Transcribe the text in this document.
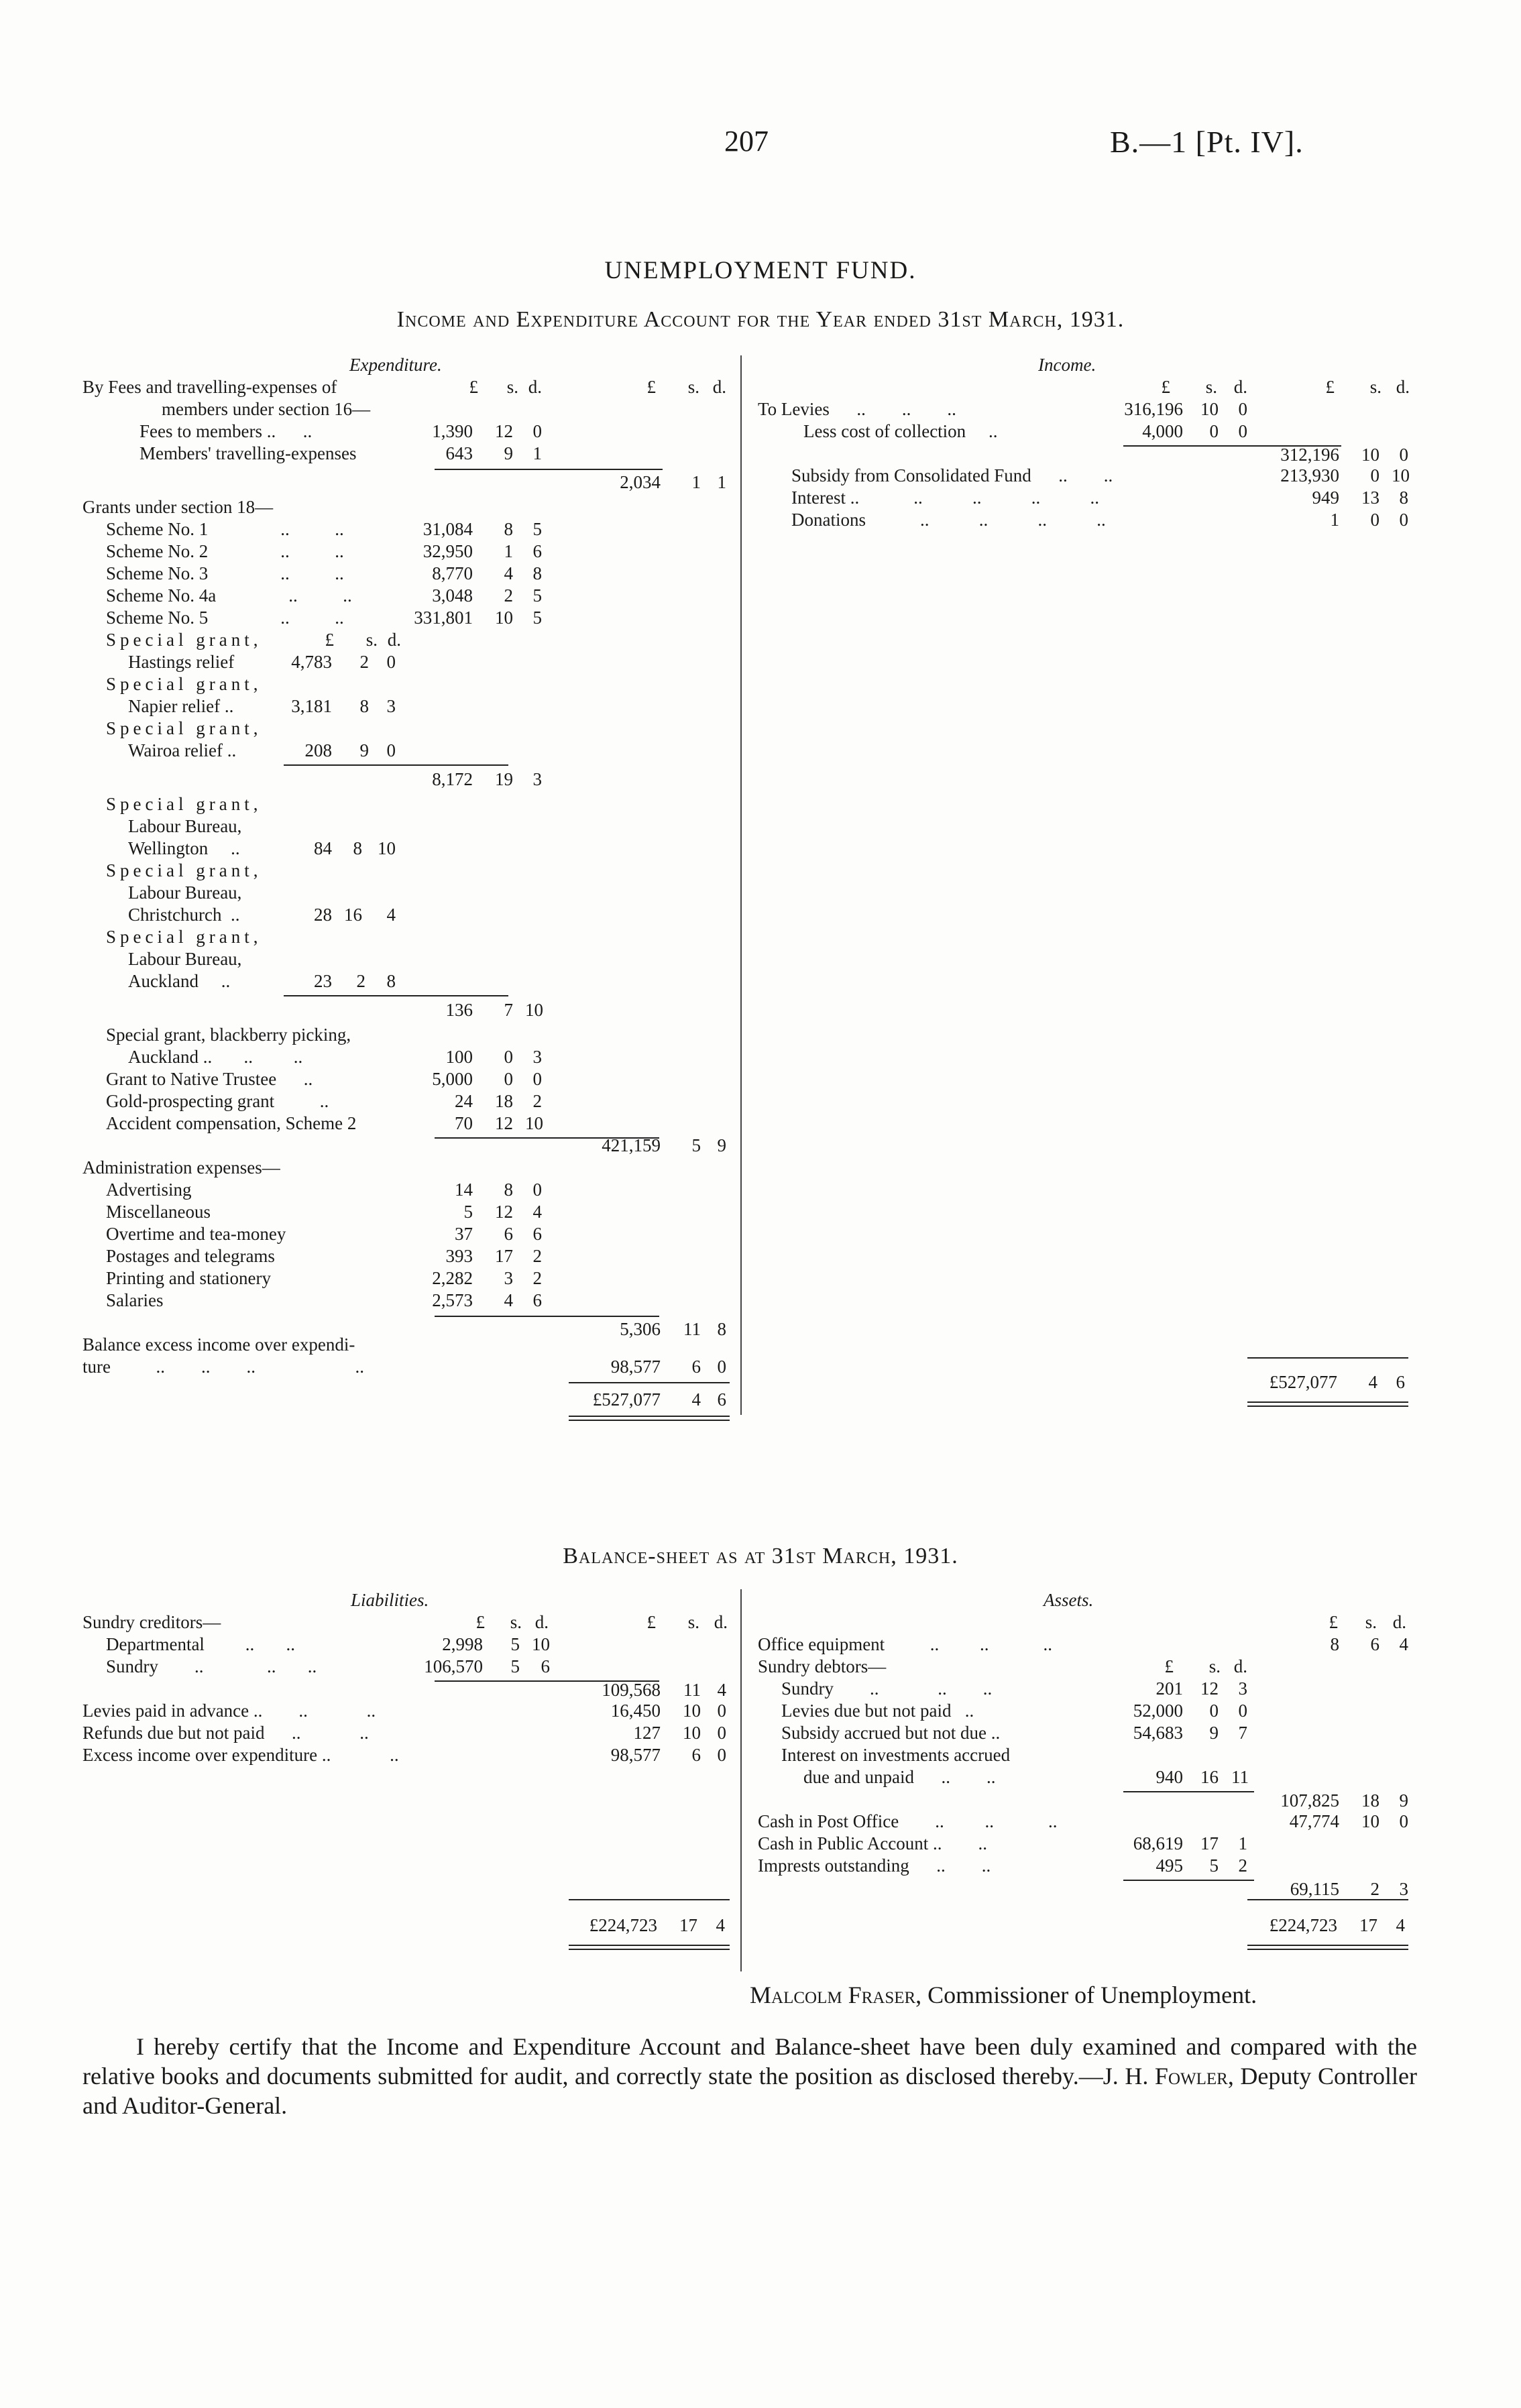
207	B.—1 [Pt. IV].
UNEMPLOYMENT FUND.
Income and Expenditure Account for the Year ended 31st March, 1931.
Expenditure.
By Fees and travelling-expenses of	£	s. d.	£	s. d.
members under section 16—
Fees to members ..      ..	1,390	12	0
Members' travelling-expenses	643	9	1
2,034	1 1
Grants under section 18—
Scheme No. 1                ..          ..	31,084	8	5
Scheme No. 2                ..          ..	32,950	1	6
Scheme No. 3                ..          ..	8,770	4	8
Scheme No. 4a                ..          ..	3,048	2	5
Scheme No. 5                ..          ..	331,801	10	5
Special grant,	£	s. d.
Hastings relief	4,783	2 0
Special grant,
Napier relief ..	3,181	8 3
Special grant,
Wairoa relief ..	208	9 0
8,172	19	3
Special grant,
Labour Bureau,
Wellington     ..	84	8 10
Special grant,
Labour Bureau,
Christchurch  ..	28 16	4
Special grant,
Labour Bureau,
Auckland     ..	23	2	8
136	7 10
Special grant, blackberry picking,
Auckland ..       ..         ..	100	0	3
Grant to Native Trustee      ..	5,000	0	0
Gold-prospecting grant          ..	24	18	2
Accident compensation, Scheme 2	70	12 10
421,159	5 9
Administration expenses—
Advertising	14	8	0
Miscellaneous	5	12	4
Overtime and tea-money	37	6	6
Postages and telegrams	393	17	2
Printing and stationery	2,282	3	2
Salaries	2,573	4	6
5,306	11 8
Balance excess income over expendi-
ture          ..        ..        ..                      ..	98,577	6 0
£527,077	4 6
Income.
£	s. d.	£	s. d.
To Levies      ..        ..        ..	316,196 10	0
Less cost of collection     ..	4,000	0	0
312,196	10	0
Subsidy from Consolidated Fund      ..        ..	213,930	0 10
Interest ..            ..           ..           ..           ..	949	13	8
Donations            ..           ..           ..           ..	1	0	0
£527,077	4	6
Balance-sheet as at 31st March, 1931.
Liabilities.
Sundry creditors—	£	s. d.	£	s. d.
Departmental         ..       ..	2,998	5 10
Sundry        ..              ..       ..	106,570	5	6
109,568	11 4
Levies paid in advance ..        ..             ..	16,450	10 0
Refunds due but not paid      ..             ..	127	10 0
Excess income over expenditure ..             ..	98,577	6 0
£224,723	17	4
Assets.
£	s. d.
Office equipment          ..         ..            ..	8	6	4
Sundry debtors—	£	s. d.
Sundry        ..             ..        ..	201 12	3
Levies due but not paid   ..	52,000	0	0
Subsidy accrued but not due ..	54,683	9	7
Interest on investments accrued
due and unpaid      ..        ..	940 16 11
107,825	18	9
Cash in Post Office        ..         ..            ..	47,774	10	0
Cash in Public Account ..        ..	68,619 17	1
Imprests outstanding      ..        ..	495	5	2
69,115	2	3
£224,723	17	4
Malcolm Fraser, Commissioner of Unemployment.
I hereby certify that the Income and Expenditure Account and Balance-sheet have been duly examined and compared with the relative books and documents submitted for audit, and correctly state the position as disclosed thereby.—J. H. Fowler, Deputy Controller and Auditor-General.
